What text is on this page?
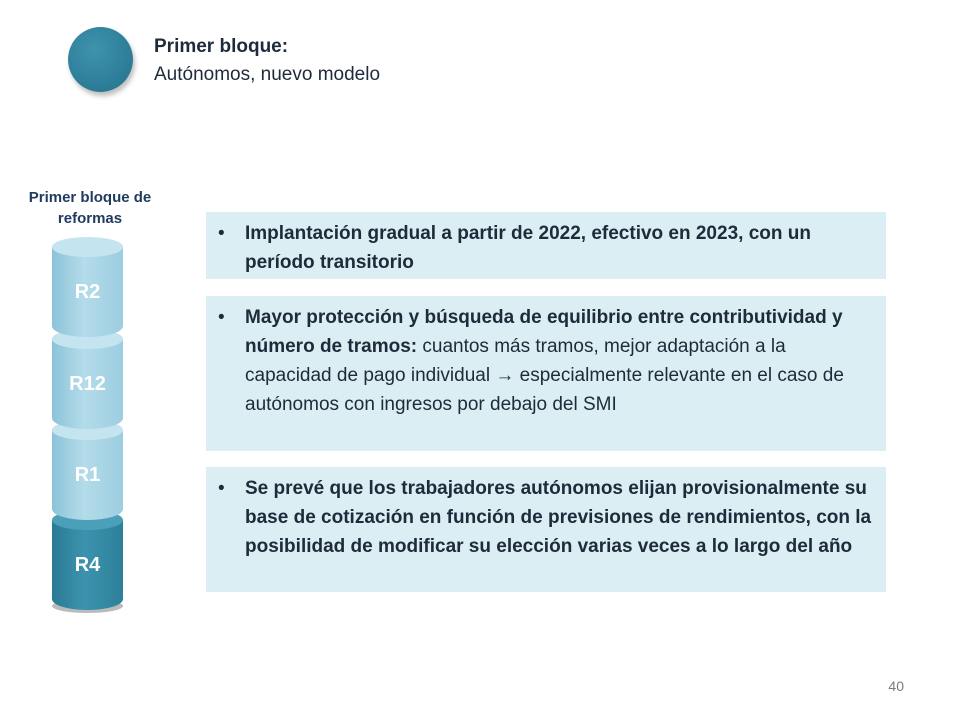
Primer bloque:
Autónomos, nuevo modelo
Primer bloque de reformas
R4
R1
R12
R2
• Implantación gradual a partir de 2022, efectivo en 2023, con un período transitorio
• Mayor protección y búsqueda de equilibrio entre contributividad y número de tramos: cuantos más tramos, mejor adaptación a la capacidad de pago individual → especialmente relevante en el caso de autónomos con ingresos por debajo del SMI
• Se prevé que los trabajadores autónomos elijan provisionalmente su base de cotización en función de previsiones de rendimientos, con la posibilidad de modificar su elección varias veces a lo largo del año
40
